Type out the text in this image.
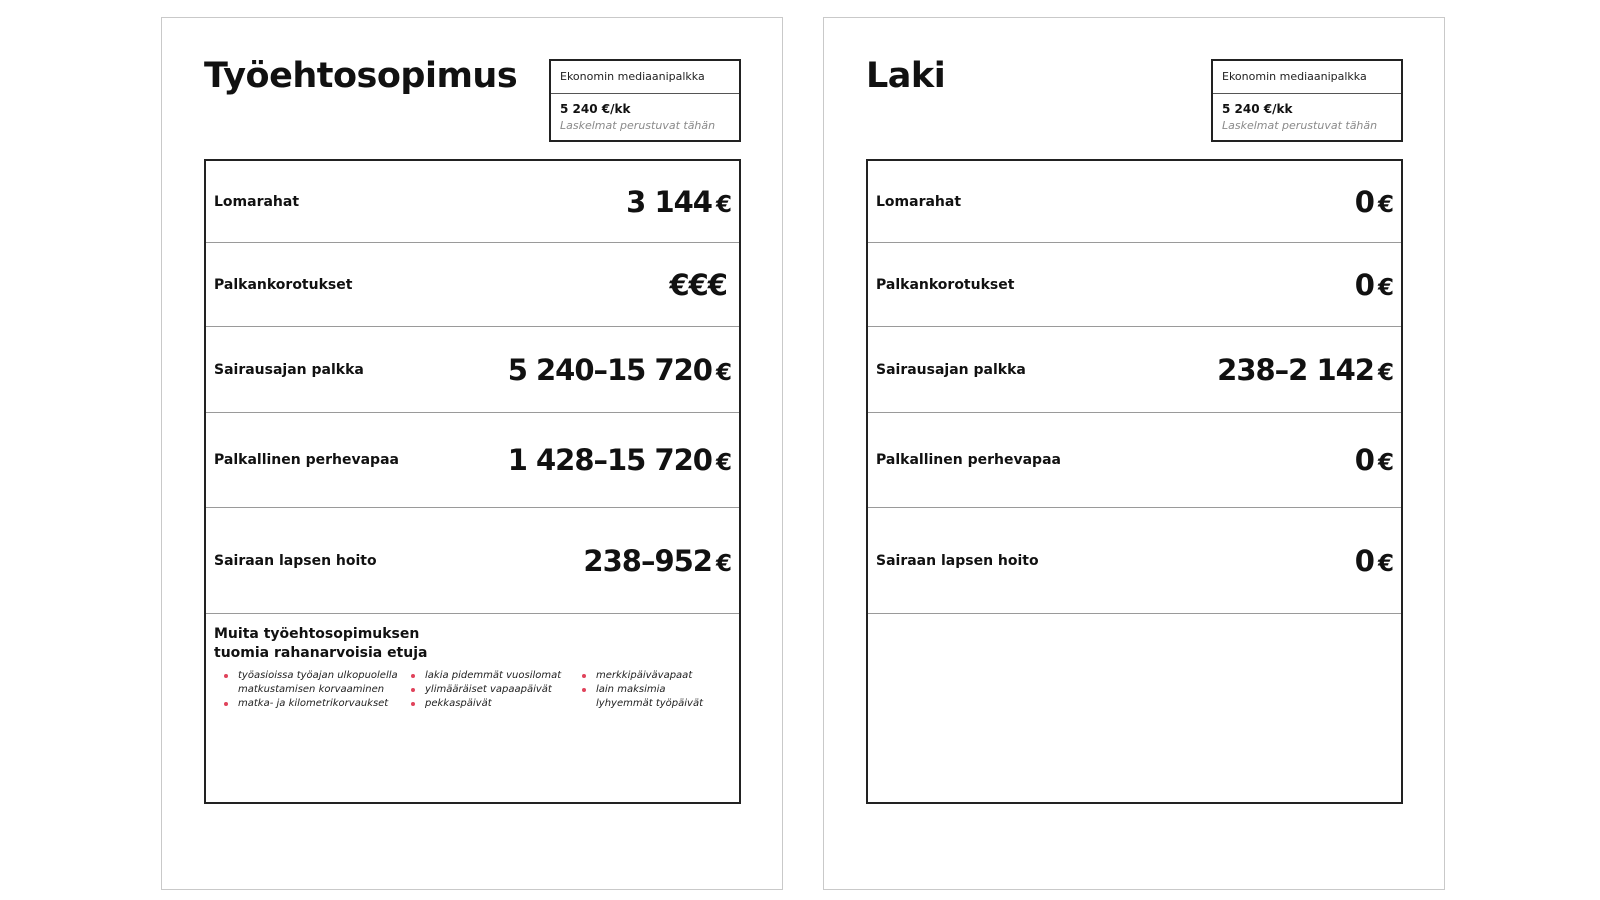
Työehtosopimus	Ekonomin mediaanipalkka
5 240 €/kk
Laskelmat perustuvat tähän
Lomarahat	3 144 €
Palkankorotukset	€€€
Sairausajan palkka	5 240–15 720 €
Palkallinen perhevapaa	1 428–15 720 €
Sairaan lapsen hoito	238–952 €
Muita työehtosopimuksen tuomia rahanarvoisia etuja
työasioissa työajan ulkopuolella matkustamisen korvaaminen
matka- ja kilometrikorvaukset
lakia pidemmät vuosilomat
ylimääräiset vapaapäivät
pekkaspäivät
merkkipäivävapaat
lain maksimia lyhyemmät työpäivät
Laki	Ekonomin mediaanipalkka
5 240 €/kk
Laskelmat perustuvat tähän
Lomarahat	0 €
Palkankorotukset	0 €
Sairausajan palkka	238–2 142 €
Palkallinen perhevapaa	0 €
Sairaan lapsen hoito	0 €
